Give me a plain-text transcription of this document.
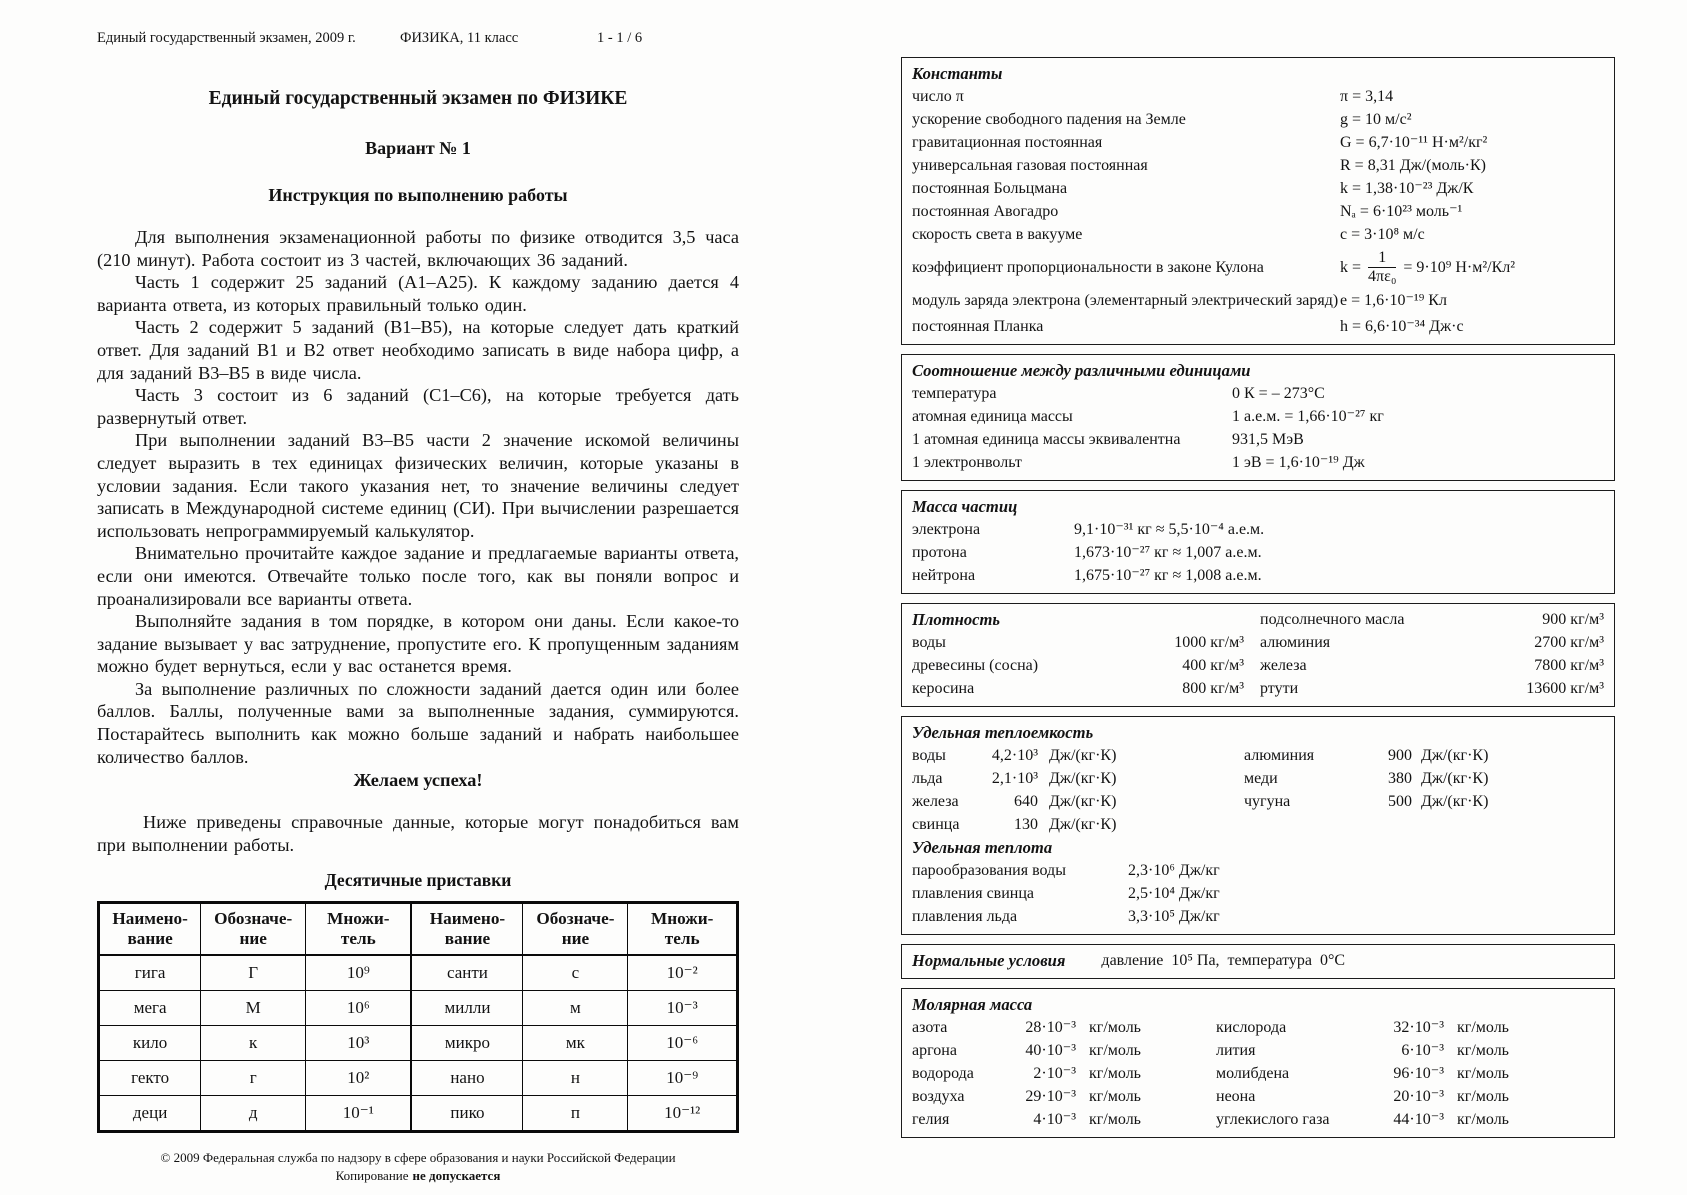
Единый государственный экзамен, 2009 г.	ФИЗИКА, 11 класс	1 - 1 / 6
Единый государственный экзамен по ФИЗИКЕ
Вариант № 1
Инструкция по выполнению работы

Для выполнения экзаменационной работы по физике отводится 3,5 часа (210 минут). Работа состоит из 3 частей, включающих 36 заданий.

Часть 1 содержит 25 заданий (А1–А25). К каждому заданию дается 4 варианта ответа, из которых правильный только один.

Часть 2 содержит 5 заданий (В1–В5), на которые следует дать краткий ответ. Для заданий В1 и В2 ответ необходимо записать в виде набора цифр, а для заданий В3–В5 в виде числа.

Часть 3 состоит из 6 заданий (С1–С6), на которые требуется дать развернутый ответ.

При выполнении заданий В3–В5 части 2 значение искомой величины следует выразить в тех единицах физических величин, которые указаны в условии задания. Если такого указания нет, то значение величины следует записать в Международной системе единиц (СИ). При вычислении разрешается использовать непрограммируемый калькулятор.

Внимательно прочитайте каждое задание и предлагаемые варианты ответа, если они имеются. Отвечайте только после того, как вы поняли вопрос и проанализировали все варианты ответа.

Выполняйте задания в том порядке, в котором они даны. Если какое-то задание вызывает у вас затруднение, пропустите его. К пропущенным заданиям можно будет вернуться, если у вас останется время.

За выполнение различных по сложности заданий дается один или более баллов. Баллы, полученные вами за выполненные задания, суммируются. Постарайтесь выполнить как можно больше заданий и набрать наибольшее количество баллов.

Желаем успеха!

Ниже приведены справочные данные, которые могут понадобиться вам при выполнении работы.

Десятичные приставки
Наимено- вание	Обозначе- ние	Множи- тель	Наимено- вание	Обозначе- ние	Множи- тель
гига	Г	10⁹	санти	с	10⁻²
мега	М	10⁶	милли	м	10⁻³
кило	к	10³	микро	мк	10⁻⁶
гекто	г	10²	нано	н	10⁻⁹
деци	д	10⁻¹	пико	п	10⁻¹²
© 2009 Федеральная служба по надзору в сфере образования и науки Российской Федерации
Копирование не допускается
Константы
число π	π = 3,14
ускорение свободного падения на Земле	g = 10 м/с²
гравитационная постоянная	G = 6,7·10⁻¹¹ Н·м²/кг²
универсальная газовая постоянная	R = 8,31 Дж/(моль·К)
постоянная Больцмана	k = 1,38·10⁻²³ Дж/К
постоянная Авогадро	Nₐ = 6·10²³ моль⁻¹
скорость света в вакууме	c = 3·10⁸ м/с
коэффициент пропорциональности в законе Кулона	$k = \frac{1}{\text{4πε₀}} = 9\cdot 10^9$ Н·м²/Кл²
модуль заряда электрона (элементарный электрический заряд) e = 1,6·10⁻¹⁹ Кл
постоянная Планка	h = 6,6·10⁻³⁴ Дж·с
Соотношение между различными единицами
температура	0 К = – 273°С
атомная единица массы	1 а.е.м. = 1,66·10⁻²⁷ кг
1 атомная единица массы эквивалентна	931,5 МэВ
1 электронвольт	1 эВ = 1,6·10⁻¹⁹ Дж
Масса частиц
электрона	9,1·10⁻³¹ кг ≈ 5,5·10⁻⁴ а.е.м.
протона	1,673·10⁻²⁷ кг ≈ 1,007 а.е.м.
нейтрона	1,675·10⁻²⁷ кг ≈ 1,008 а.е.м.
Плотность
воды	1000 кг/м³
древесины (сосна)	400 кг/м³
керосина	800 кг/м³
подсолнечного масла	900 кг/м³
алюминия	2700 кг/м³
железа	7800 кг/м³
ртути	13600 кг/м³
Удельная теплоемкость
воды	4,2·10³ Дж/(кг·К)
льда	2,1·10³ Дж/(кг·К)
железа	640 Дж/(кг·К)
свинца	130 Дж/(кг·К)
алюминия	900 Дж/(кг·К)
меди	380 Дж/(кг·К)
чугуна	500 Дж/(кг·К)
Удельная теплота
парообразования воды	2,3·10⁶ Дж/кг
плавления свинца	2,5·10⁴ Дж/кг
плавления льда	3,3·10⁵ Дж/кг
Нормальные условия давление  10⁵ Па,  температура  0°С
Молярная масса
азота	28·10⁻³ кг/моль
аргона	40·10⁻³ кг/моль
водорода	2·10⁻³ кг/моль
воздуха	29·10⁻³ кг/моль
гелия	4·10⁻³ кг/моль
кислорода	32·10⁻³ кг/моль
лития	6·10⁻³ кг/моль
молибдена	96·10⁻³ кг/моль
неона	20·10⁻³ кг/моль
углекислого газа	44·10⁻³ кг/моль
